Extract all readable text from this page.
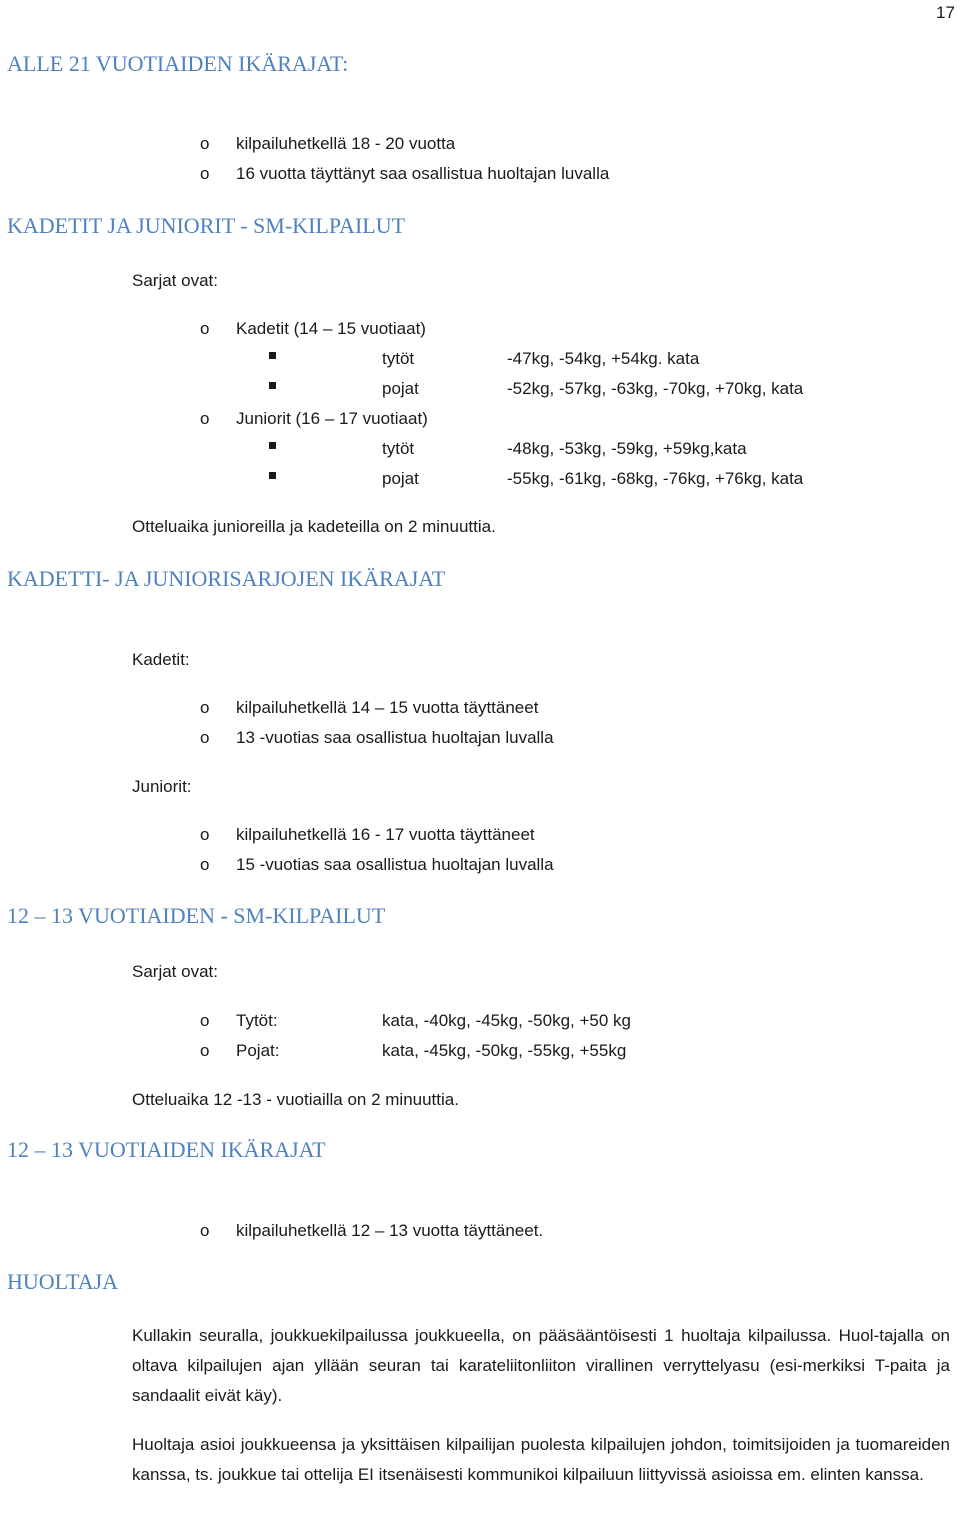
17
ALLE 21 VUOTIAIDEN IKÄRAJAT:
o kilpailuhetkellä 18 - 20 vuotta
o 16 vuotta täyttänyt saa osallistua huoltajan luvalla
KADETIT JA JUNIORIT - SM-KILPAILUT
Sarjat ovat:
o Kadetit (14 – 15 vuotiaat)
tytöt	-47kg, -54kg, +54kg. kata
pojat	-52kg, -57kg, -63kg, -70kg, +70kg, kata
o Juniorit (16 – 17 vuotiaat)
tytöt	-48kg, -53kg, -59kg, +59kg,kata
pojat	-55kg, -61kg, -68kg, -76kg, +76kg, kata
Otteluaika junioreilla ja kadeteilla on 2 minuuttia.
KADETTI- JA JUNIORISARJOJEN IKÄRAJAT
Kadetit:
o kilpailuhetkellä 14 – 15 vuotta täyttäneet
o 13 -vuotias saa osallistua huoltajan luvalla
Juniorit:
o kilpailuhetkellä 16 - 17 vuotta täyttäneet
o 15 -vuotias saa osallistua huoltajan luvalla
12 – 13 VUOTIAIDEN - SM-KILPAILUT
Sarjat ovat:
o Tytöt:	kata, -40kg, -45kg, -50kg, +50 kg
o Pojat:	kata, -45kg, -50kg, -55kg, +55kg
Otteluaika 12 -13 - vuotiailla on 2 minuuttia.
12 – 13 VUOTIAIDEN IKÄRAJAT
o kilpailuhetkellä 12 – 13 vuotta täyttäneet.
HUOLTAJA
Kullakin seuralla, joukkuekilpailussa joukkueella, on pääsääntöisesti 1 huoltaja kilpailussa. Huol-tajalla on oltava kilpailujen ajan yllään seuran tai karateliitonliiton virallinen verryttelyasu (esi-merkiksi T-paita ja sandaalit eivät käy).
Huoltaja asioi joukkueensa ja yksittäisen kilpailijan puolesta kilpailujen johdon, toimitsijoiden ja tuomareiden kanssa, ts. joukkue tai ottelija EI itsenäisesti kommunikoi kilpailuun liittyvissä asioissa em. elinten kanssa.
